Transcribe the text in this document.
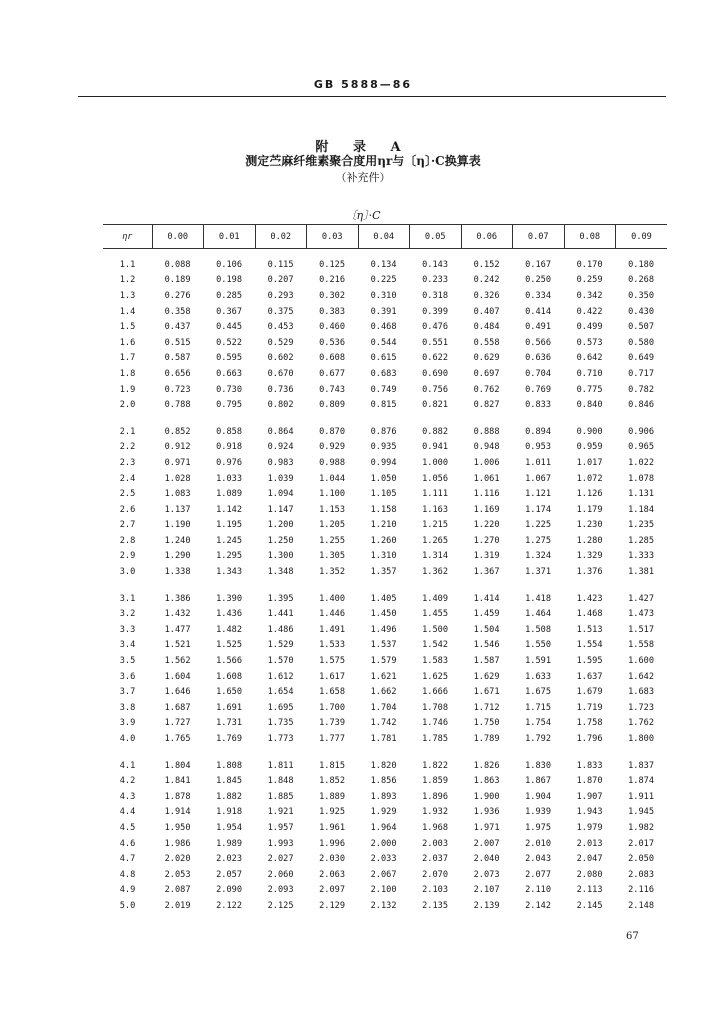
GB 5888—86
附 录 A
测定苎麻纤维素聚合度用ηr与〔η〕·C换算表
（补充件）
〔η〕·C
ηr	0.00	0.01	0.02	0.03	0.04	0.05	0.06	0.07	0.08	0.09
1.1	0.088	0.106	0.115	0.125	0.134	0.143	0.152	0.167	0.170	0.180
1.2	0.189	0.198	0.207	0.216	0.225	0.233	0.242	0.250	0.259	0.268
1.3	0.276	0.285	0.293	0.302	0.310	0.318	0.326	0.334	0.342	0.350
1.4	0.358	0.367	0.375	0.383	0.391	0.399	0.407	0.414	0.422	0.430
1.5	0.437	0.445	0.453	0.460	0.468	0.476	0.484	0.491	0.499	0.507
1.6	0.515	0.522	0.529	0.536	0.544	0.551	0.558	0.566	0.573	0.580
1.7	0.587	0.595	0.602	0.608	0.615	0.622	0.629	0.636	0.642	0.649
1.8	0.656	0.663	0.670	0.677	0.683	0.690	0.697	0.704	0.710	0.717
1.9	0.723	0.730	0.736	0.743	0.749	0.756	0.762	0.769	0.775	0.782
2.0	0.788	0.795	0.802	0.809	0.815	0.821	0.827	0.833	0.840	0.846

2.1	0.852	0.858	0.864	0.870	0.876	0.882	0.888	0.894	0.900	0.906
2.2	0.912	0.918	0.924	0.929	0.935	0.941	0.948	0.953	0.959	0.965
2.3	0.971	0.976	0.983	0.988	0.994	1.000	1.006	1.011	1.017	1.022
2.4	1.028	1.033	1.039	1.044	1.050	1.056	1.061	1.067	1.072	1.078
2.5	1.083	1.089	1.094	1.100	1.105	1.111	1.116	1.121	1.126	1.131
2.6	1.137	1.142	1.147	1.153	1.158	1.163	1.169	1.174	1.179	1.184
2.7	1.190	1.195	1.200	1.205	1.210	1.215	1.220	1.225	1.230	1.235
2.8	1.240	1.245	1.250	1.255	1.260	1.265	1.270	1.275	1.280	1.285
2.9	1.290	1.295	1.300	1.305	1.310	1.314	1.319	1.324	1.329	1.333
3.0	1.338	1.343	1.348	1.352	1.357	1.362	1.367	1.371	1.376	1.381

3.1	1.386	1.390	1.395	1.400	1.405	1.409	1.414	1.418	1.423	1.427
3.2	1.432	1.436	1.441	1.446	1.450	1.455	1.459	1.464	1.468	1.473
3.3	1.477	1.482	1.486	1.491	1.496	1.500	1.504	1.508	1.513	1.517
3.4	1.521	1.525	1.529	1.533	1.537	1.542	1.546	1.550	1.554	1.558
3.5	1.562	1.566	1.570	1.575	1.579	1.583	1.587	1.591	1.595	1.600
3.6	1.604	1.608	1.612	1.617	1.621	1.625	1.629	1.633	1.637	1.642
3.7	1.646	1.650	1.654	1.658	1.662	1.666	1.671	1.675	1.679	1.683
3.8	1.687	1.691	1.695	1.700	1.704	1.708	1.712	1.715	1.719	1.723
3.9	1.727	1.731	1.735	1.739	1.742	1.746	1.750	1.754	1.758	1.762
4.0	1.765	1.769	1.773	1.777	1.781	1.785	1.789	1.792	1.796	1.800

4.1	1.804	1.808	1.811	1.815	1.820	1.822	1.826	1.830	1.833	1.837
4.2	1.841	1.845	1.848	1.852	1.856	1.859	1.863	1.867	1.870	1.874
4.3	1.878	1.882	1.885	1.889	1.893	1.896	1.900	1.904	1.907	1.911
4.4	1.914	1.918	1.921	1.925	1.929	1.932	1.936	1.939	1.943	1.945
4.5	1.950	1.954	1.957	1.961	1.964	1.968	1.971	1.975	1.979	1.982
4.6	1.986	1.989	1.993	1.996	2.000	2.003	2.007	2.010	2.013	2.017
4.7	2.020	2.023	2.027	2.030	2.033	2.037	2.040	2.043	2.047	2.050
4.8	2.053	2.057	2.060	2.063	2.067	2.070	2.073	2.077	2.080	2.083
4.9	2.087	2.090	2.093	2.097	2.100	2.103	2.107	2.110	2.113	2.116
5.0	2.019	2.122	2.125	2.129	2.132	2.135	2.139	2.142	2.145	2.148
67
